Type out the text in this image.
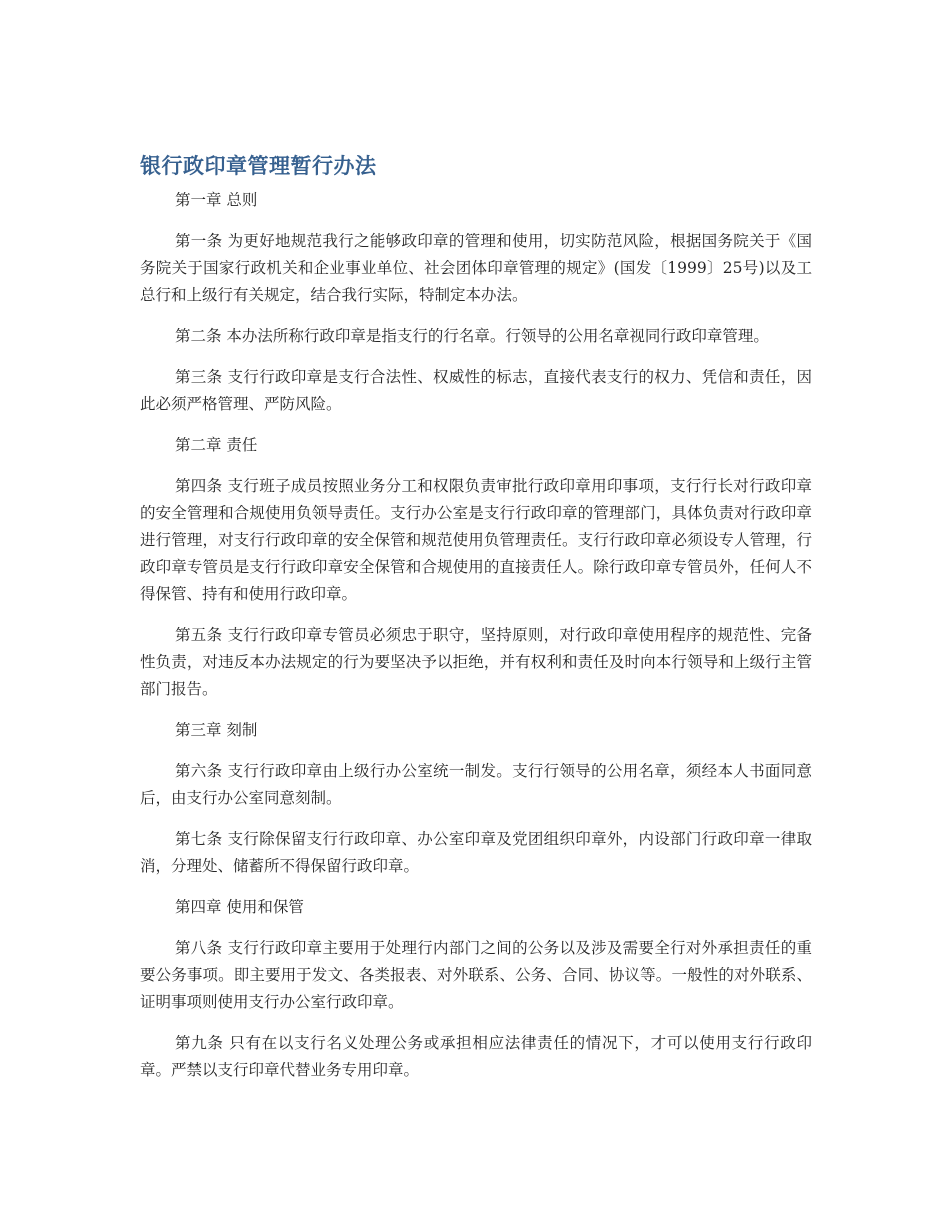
银行政印章管理暂行办法

第一章 总则

第一条 为更好地规范我行之能够政印章的管理和使用，切实防范风险，根据国务院关于《国务院关于国家行政机关和企业事业单位、社会团体印章管理的规定》(国发〔1999〕25号)以及工总行和上级行有关规定，结合我行实际，特制定本办法。

第二条 本办法所称行政印章是指支行的行名章。行领导的公用名章视同行政印章管理。

第三条 支行行政印章是支行合法性、权威性的标志，直接代表支行的权力、凭信和责任，因此必须严格管理、严防风险。

第二章 责任

第四条 支行班子成员按照业务分工和权限负责审批行政印章用印事项，支行行长对行政印章的安全管理和合规使用负领导责任。支行办公室是支行行政印章的管理部门，具体负责对行政印章进行管理，对支行行政印章的安全保管和规范使用负管理责任。支行行政印章必须设专人管理，行政印章专管员是支行行政印章安全保管和合规使用的直接责任人。除行政印章专管员外，任何人不得保管、持有和使用行政印章。

第五条 支行行政印章专管员必须忠于职守，坚持原则，对行政印章使用程序的规范性、完备性负责，对违反本办法规定的行为要坚决予以拒绝，并有权利和责任及时向本行领导和上级行主管部门报告。

第三章 刻制

第六条 支行行政印章由上级行办公室统一制发。支行行领导的公用名章，须经本人书面同意后，由支行办公室同意刻制。

第七条 支行除保留支行行政印章、办公室印章及党团组织印章外，内设部门行政印章一律取消，分理处、储蓄所不得保留行政印章。

第四章 使用和保管

第八条 支行行政印章主要用于处理行内部门之间的公务以及涉及需要全行对外承担责任的重要公务事项。即主要用于发文、各类报表、对外联系、公务、合同、协议等。一般性的对外联系、证明事项则使用支行办公室行政印章。

第九条 只有在以支行名义处理公务或承担相应法律责任的情况下，才可以使用支行行政印章。严禁以支行印章代替业务专用印章。
